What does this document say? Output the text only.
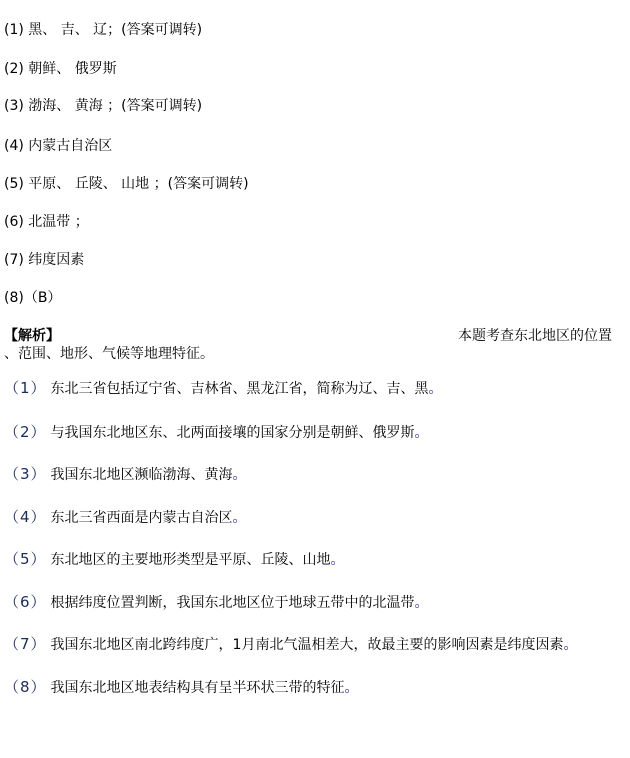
(1) 黑、 吉、 辽；(答案可调转)
(2) 朝鲜、 俄罗斯
(3) 渤海、 黄海 ；(答案可调转)
(4) 内蒙古自治区
(5) 平原、 丘陵、 山地 ；(答案可调转)
(6) 北温带 ；
(7) 纬度因素
(8)（B）
【解析】	本题考查东北地区的位置
、范围、地形、气候等地理特征。
（1） 东北三省包括辽宁省、吉林省、黑龙江省，简称为辽、吉、黑。
（2） 与我国东北地区东、北两面接壤的国家分别是朝鲜、俄罗斯。
（3） 我国东北地区濒临渤海、黄海。
（4） 东北三省西面是内蒙古自治区。
（5） 东北地区的主要地形类型是平原、丘陵、山地。
（6） 根据纬度位置判断，我国东北地区位于地球五带中的北温带。
（7） 我国东北地区南北跨纬度广，1月南北气温相差大，故最主要的影响因素是纬度因素。
（8） 我国东北地区地表结构具有呈半环状三带的特征。
